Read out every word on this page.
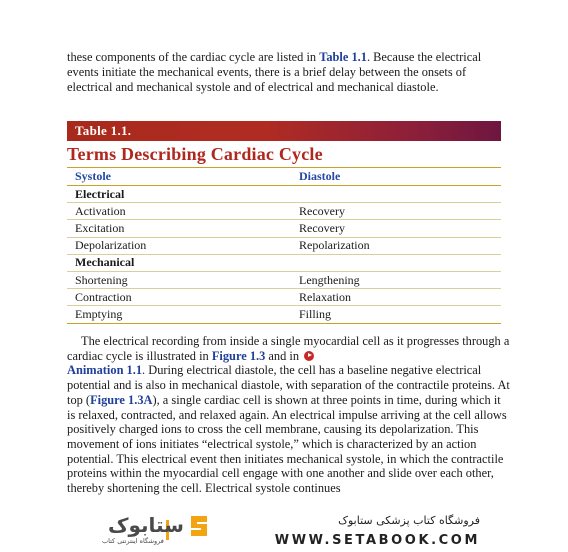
these components of the cardiac cycle are listed in Table 1.1. Because the electrical events initiate the mechanical events, there is a brief delay between the onsets of electrical and mechanical systole and of electrical and mechanical diastole.

Table 1.1.
Terms Describing Cardiac Cycle
Systole	Diastole
Electrical	
Activation	Recovery
Excitation	Recovery
Depolarization	Repolarization
Mechanical	
Shortening	Lengthening
Contraction	Relaxation
Emptying	Filling

The electrical recording from inside a single myocardial cell as it progresses through a cardiac cycle is illustrated in Figure 1.3 and in
Animation 1.1. During electrical diastole, the cell has a baseline negative electrical potential and is also in mechanical diastole, with separation of the contractile proteins. At top (Figure 1.3A), a single cardiac cell is shown at three points in time, during which it is relaxed, contracted, and relaxed again. An electrical impulse arriving at the cell allows positively charged ions to cross the cell membrane, causing its depolarization. This movement of ions initiates “electrical systole,” which is characterized by an action potential. This electrical event then initiates mechanical systole, in which the contractile proteins within the myocardial cell engage with one another and slide over each other, thereby shortening the cell. Electrical systole continues

ستابوک
فروشگاه اینترنتی کتاب
فروشگاه کتاب پزشکی ستابوک
WWW.SETABOOK.COM
